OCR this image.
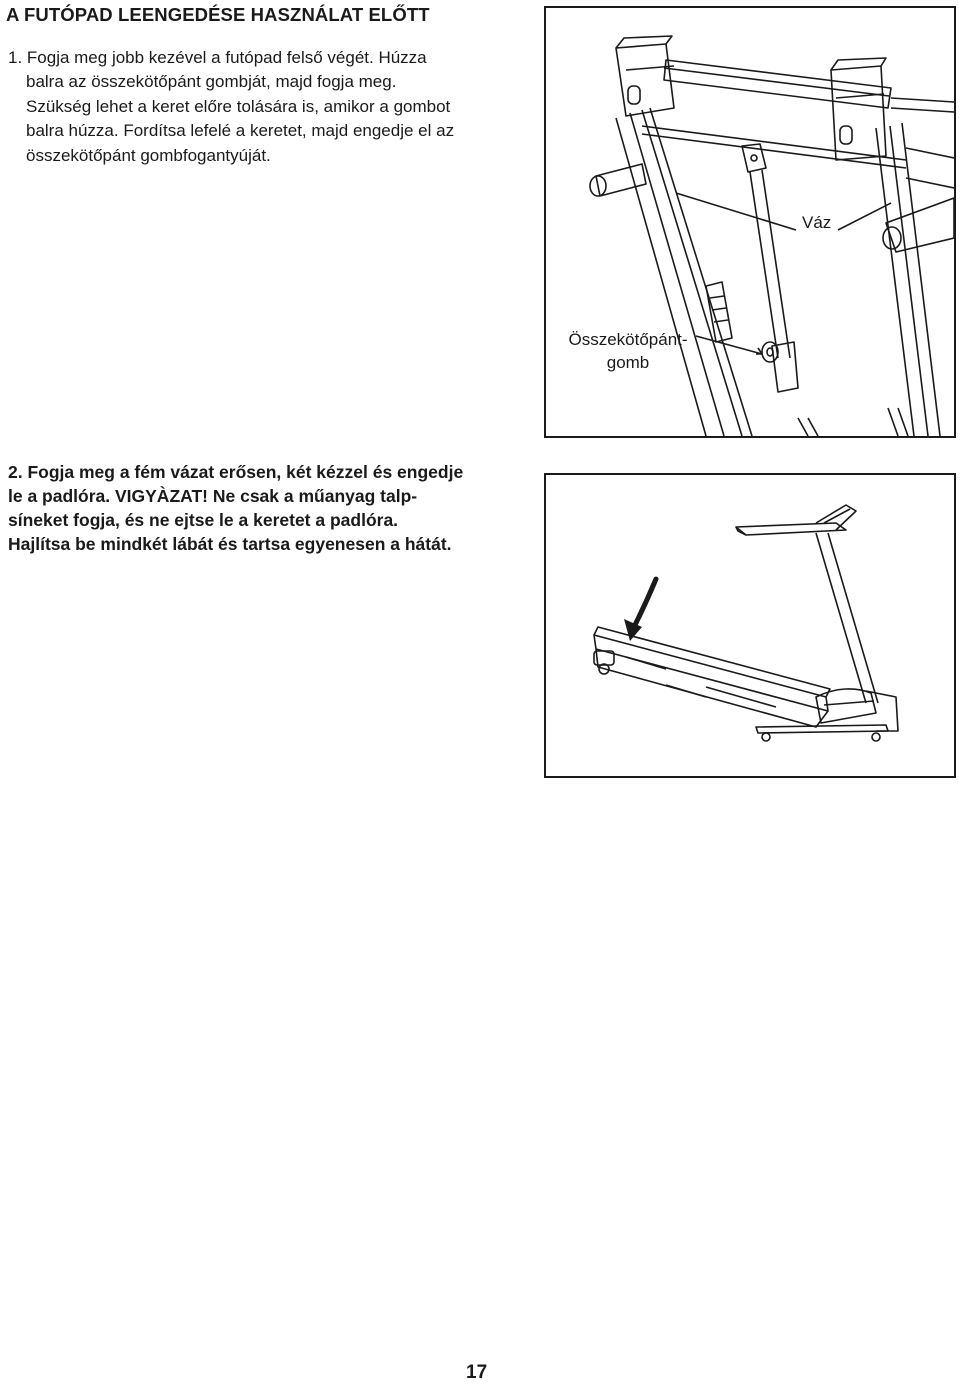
A FUTÓPAD LEENGEDÉSE HASZNÁLAT ELŐTT
1. Fogja meg jobb kezével a futópad felső végét. Húzza
balra az összekötőpánt gombját, majd fogja meg.
Szükség lehet a keret előre tolására is, amikor a gombot
balra húzza. Fordítsa lefelé a keretet, majd engedje el az
összekötőpánt gombfogantyúját.
Váz
Összekötőpánt-
gomb
2. Fogja meg a fém vázat erősen, két kézzel és engedje
le a padlóra. VIGYÀZAT! Ne csak a műanyag talp-
síneket fogja, és ne ejtse le a keretet a padlóra.
Hajlítsa be mindkét lábát és tartsa egyenesen a hátát.
17
